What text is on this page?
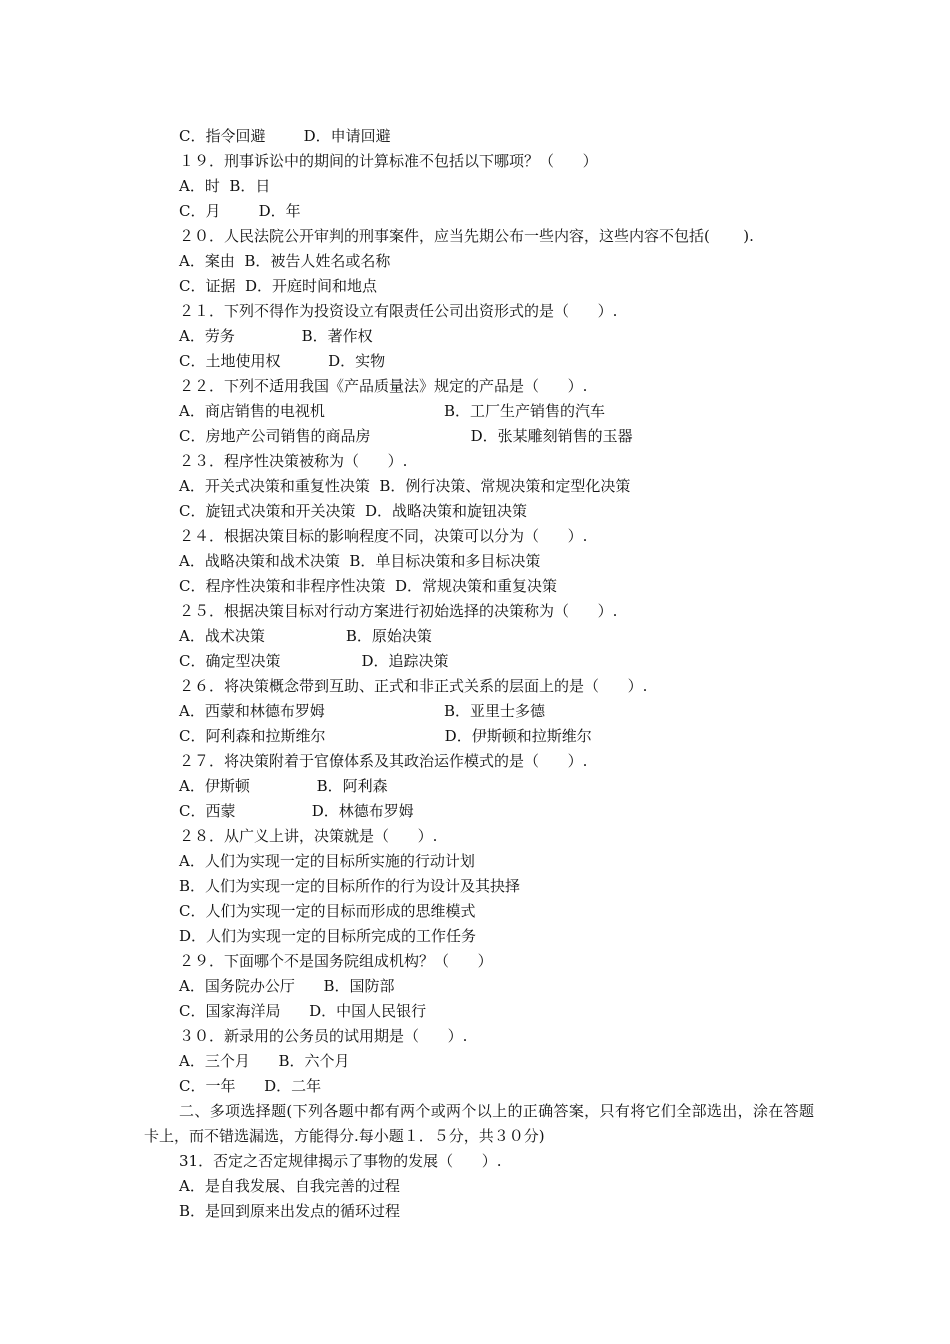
C．指令回避        D．申请回避
１９．刑事诉讼中的期间的计算标准不包括以下哪项？（      ）
A．时  B．日
C．月        D．年
２０．人民法院公开审判的刑事案件，应当先期公布一些内容，这些内容不包括(       ).
A．案由  B．被告人姓名或名称
C．证据  D．开庭时间和地点
２１．下列不得作为投资设立有限责任公司出资形式的是（      ）.
A．劳务              B．著作权
C．土地使用权          D．实物
２２．下列不适用我国《产品质量法》规定的产品是（      ）.
A．商店销售的电视机                         B．工厂生产销售的汽车
C．房地产公司销售的商品房                     D．张某雕刻销售的玉器
２３．程序性决策被称为（      ）.
A．开关式决策和重复性决策  B．例行决策、常规决策和定型化决策
C．旋钮式决策和开关决策  D．战略决策和旋钮决策
２４．根据决策目标的影响程度不同，决策可以分为（      ）.
A．战略决策和战术决策  B．单目标决策和多目标决策
C．程序性决策和非程序性决策  D．常规决策和重复决策
２５．根据决策目标对行动方案进行初始选择的决策称为（      ）.
A．战术决策                 B．原始决策
C．确定型决策                 D．追踪决策
２６．将决策概念带到互助、正式和非正式关系的层面上的是（      ）.
A．西蒙和林德布罗姆                         B．亚里士多德
C．阿利森和拉斯维尔                         D．伊斯顿和拉斯维尔
２７．将决策附着于官僚体系及其政治运作模式的是（      ）.
A．伊斯顿              B．阿利森
C．西蒙                D．林德布罗姆
２８．从广义上讲，决策就是（      ）.
A．人们为实现一定的目标所实施的行动计划
B．人们为实现一定的目标所作的行为设计及其抉择
C．人们为实现一定的目标而形成的思维模式
D．人们为实现一定的目标所完成的工作任务
２９．下面哪个不是国务院组成机构？（      ）
A．国务院办公厅      B．国防部
C．国家海洋局      D．中国人民银行
３０．新录用的公务员的试用期是（      ）.
A．三个月      B．六个月
C．一年      D．二年
二、多项选择题(下列各题中都有两个或两个以上的正确答案，只有将它们全部选出，涂在答题卡上，而不错选漏选，方能得分.每小题１．５分，共３０分)
31．否定之否定规律揭示了事物的发展（      ）.
A．是自我发展、自我完善的过程
B．是回到原来出发点的循环过程
